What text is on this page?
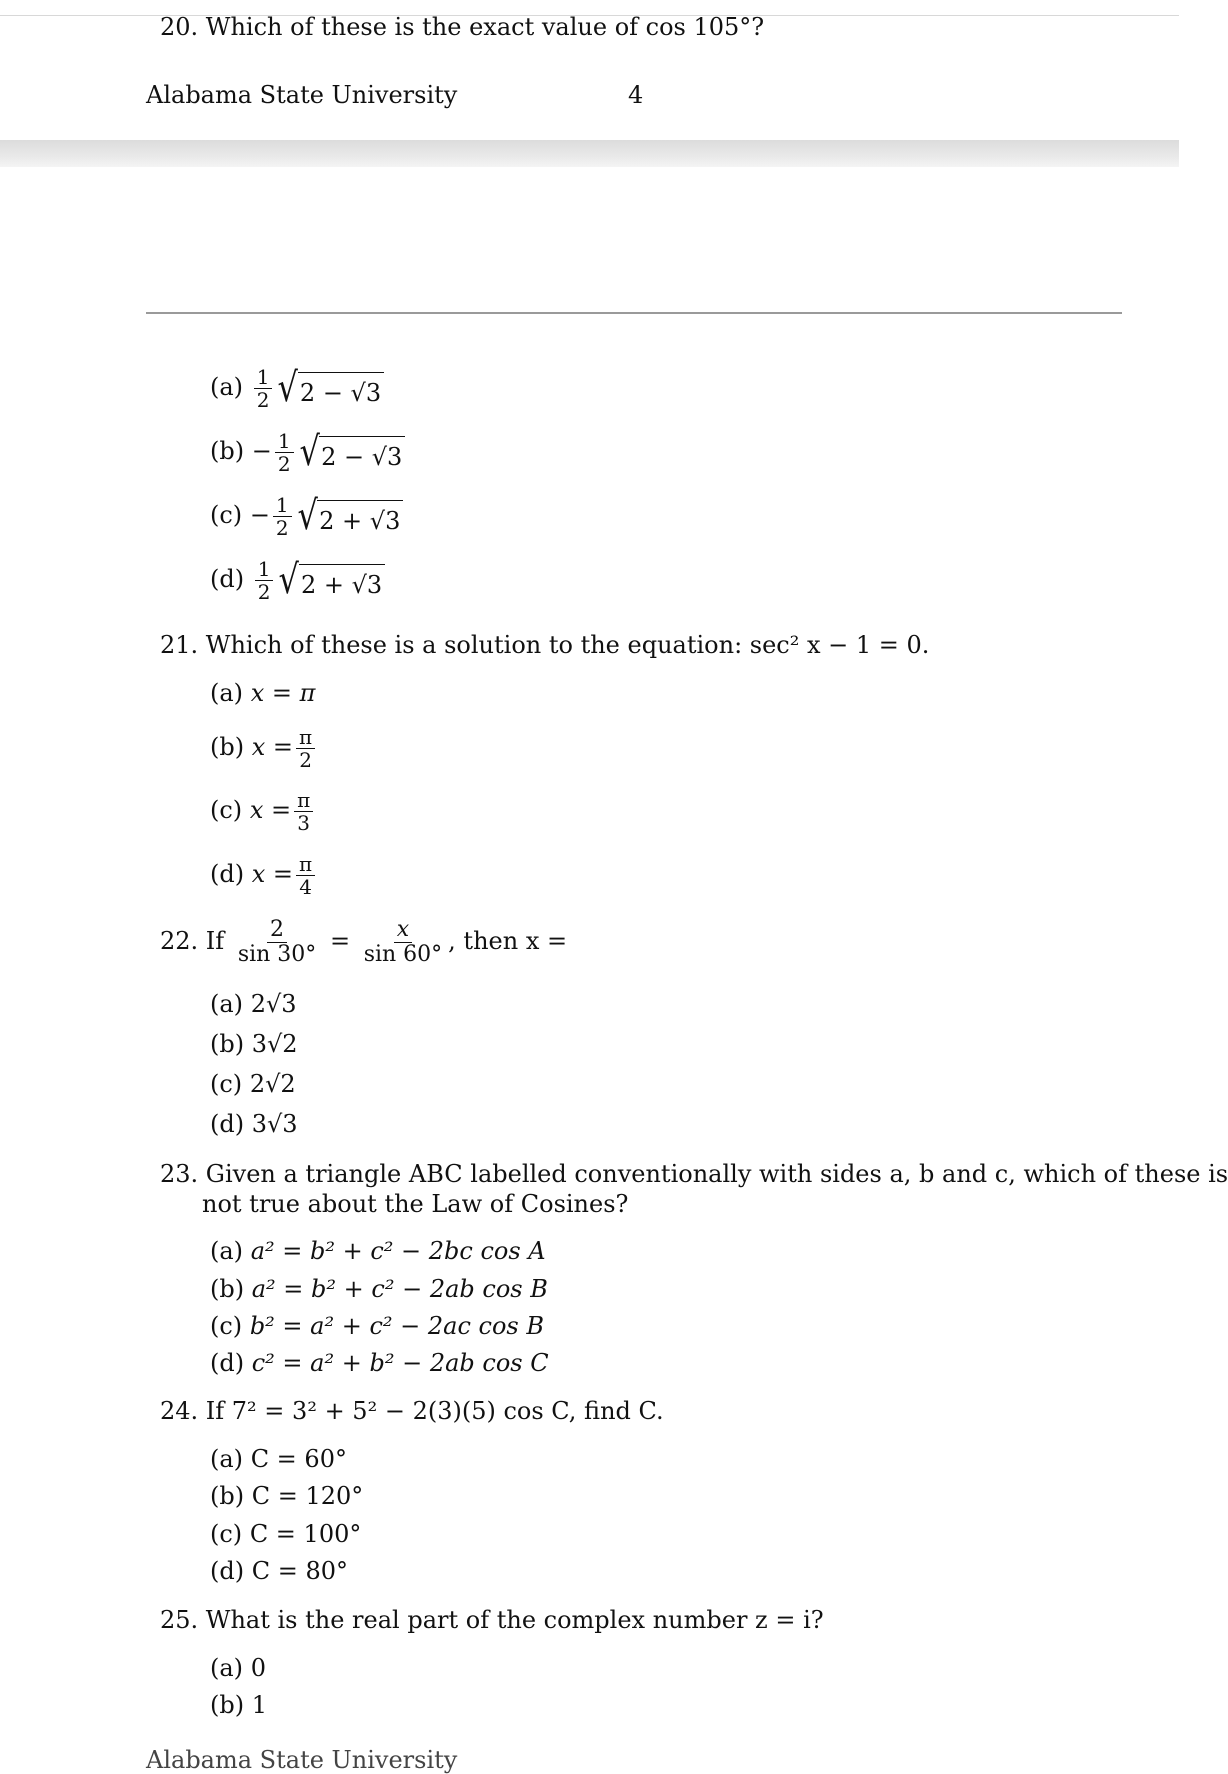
20. Which of these is the exact value of cos 105°?
Alabama State University	4
$(a) \frac{1}{2}$ √ 2 − √3
$(b) - \frac{1}{2}$ √ 2 − √3
$(c) - \frac{1}{2}$ √ 2 + √3
$(d) \frac{1}{2}$ √ 2 + √3
21. Which of these is a solution to the equation: sec² x − 1 = 0.
(a) x = π
(b) $x = \frac{\pi}{2}$
(c) $x = \frac{\pi}{3}$
(d) $x = \frac{\pi}{4}$
22. If $\frac{2}{\sin 30^\circ} = \frac{x}{\sin 60^\circ}$ , then x =
(a) 2√3
(b) 3√2
(c) 2√2
(d) 3√3
23. Given a triangle ABC labelled conventionally with sides a, b and c, which of these is
not true about the Law of Cosines?
(a) a² = b² + c² − 2bc cos A
(b) a² = b² + c² − 2ab cos B
(c) b² = a² + c² − 2ac cos B
(d) c² = a² + b² − 2ab cos C
24. If 7² = 3² + 5² − 2(3)(5) cos C, find C.
(a) C = 60°
(b) C = 120°
(c) C = 100°
(d) C = 80°
25. What is the real part of the complex number z = i?
(a) 0
(b) 1
Alabama State University
